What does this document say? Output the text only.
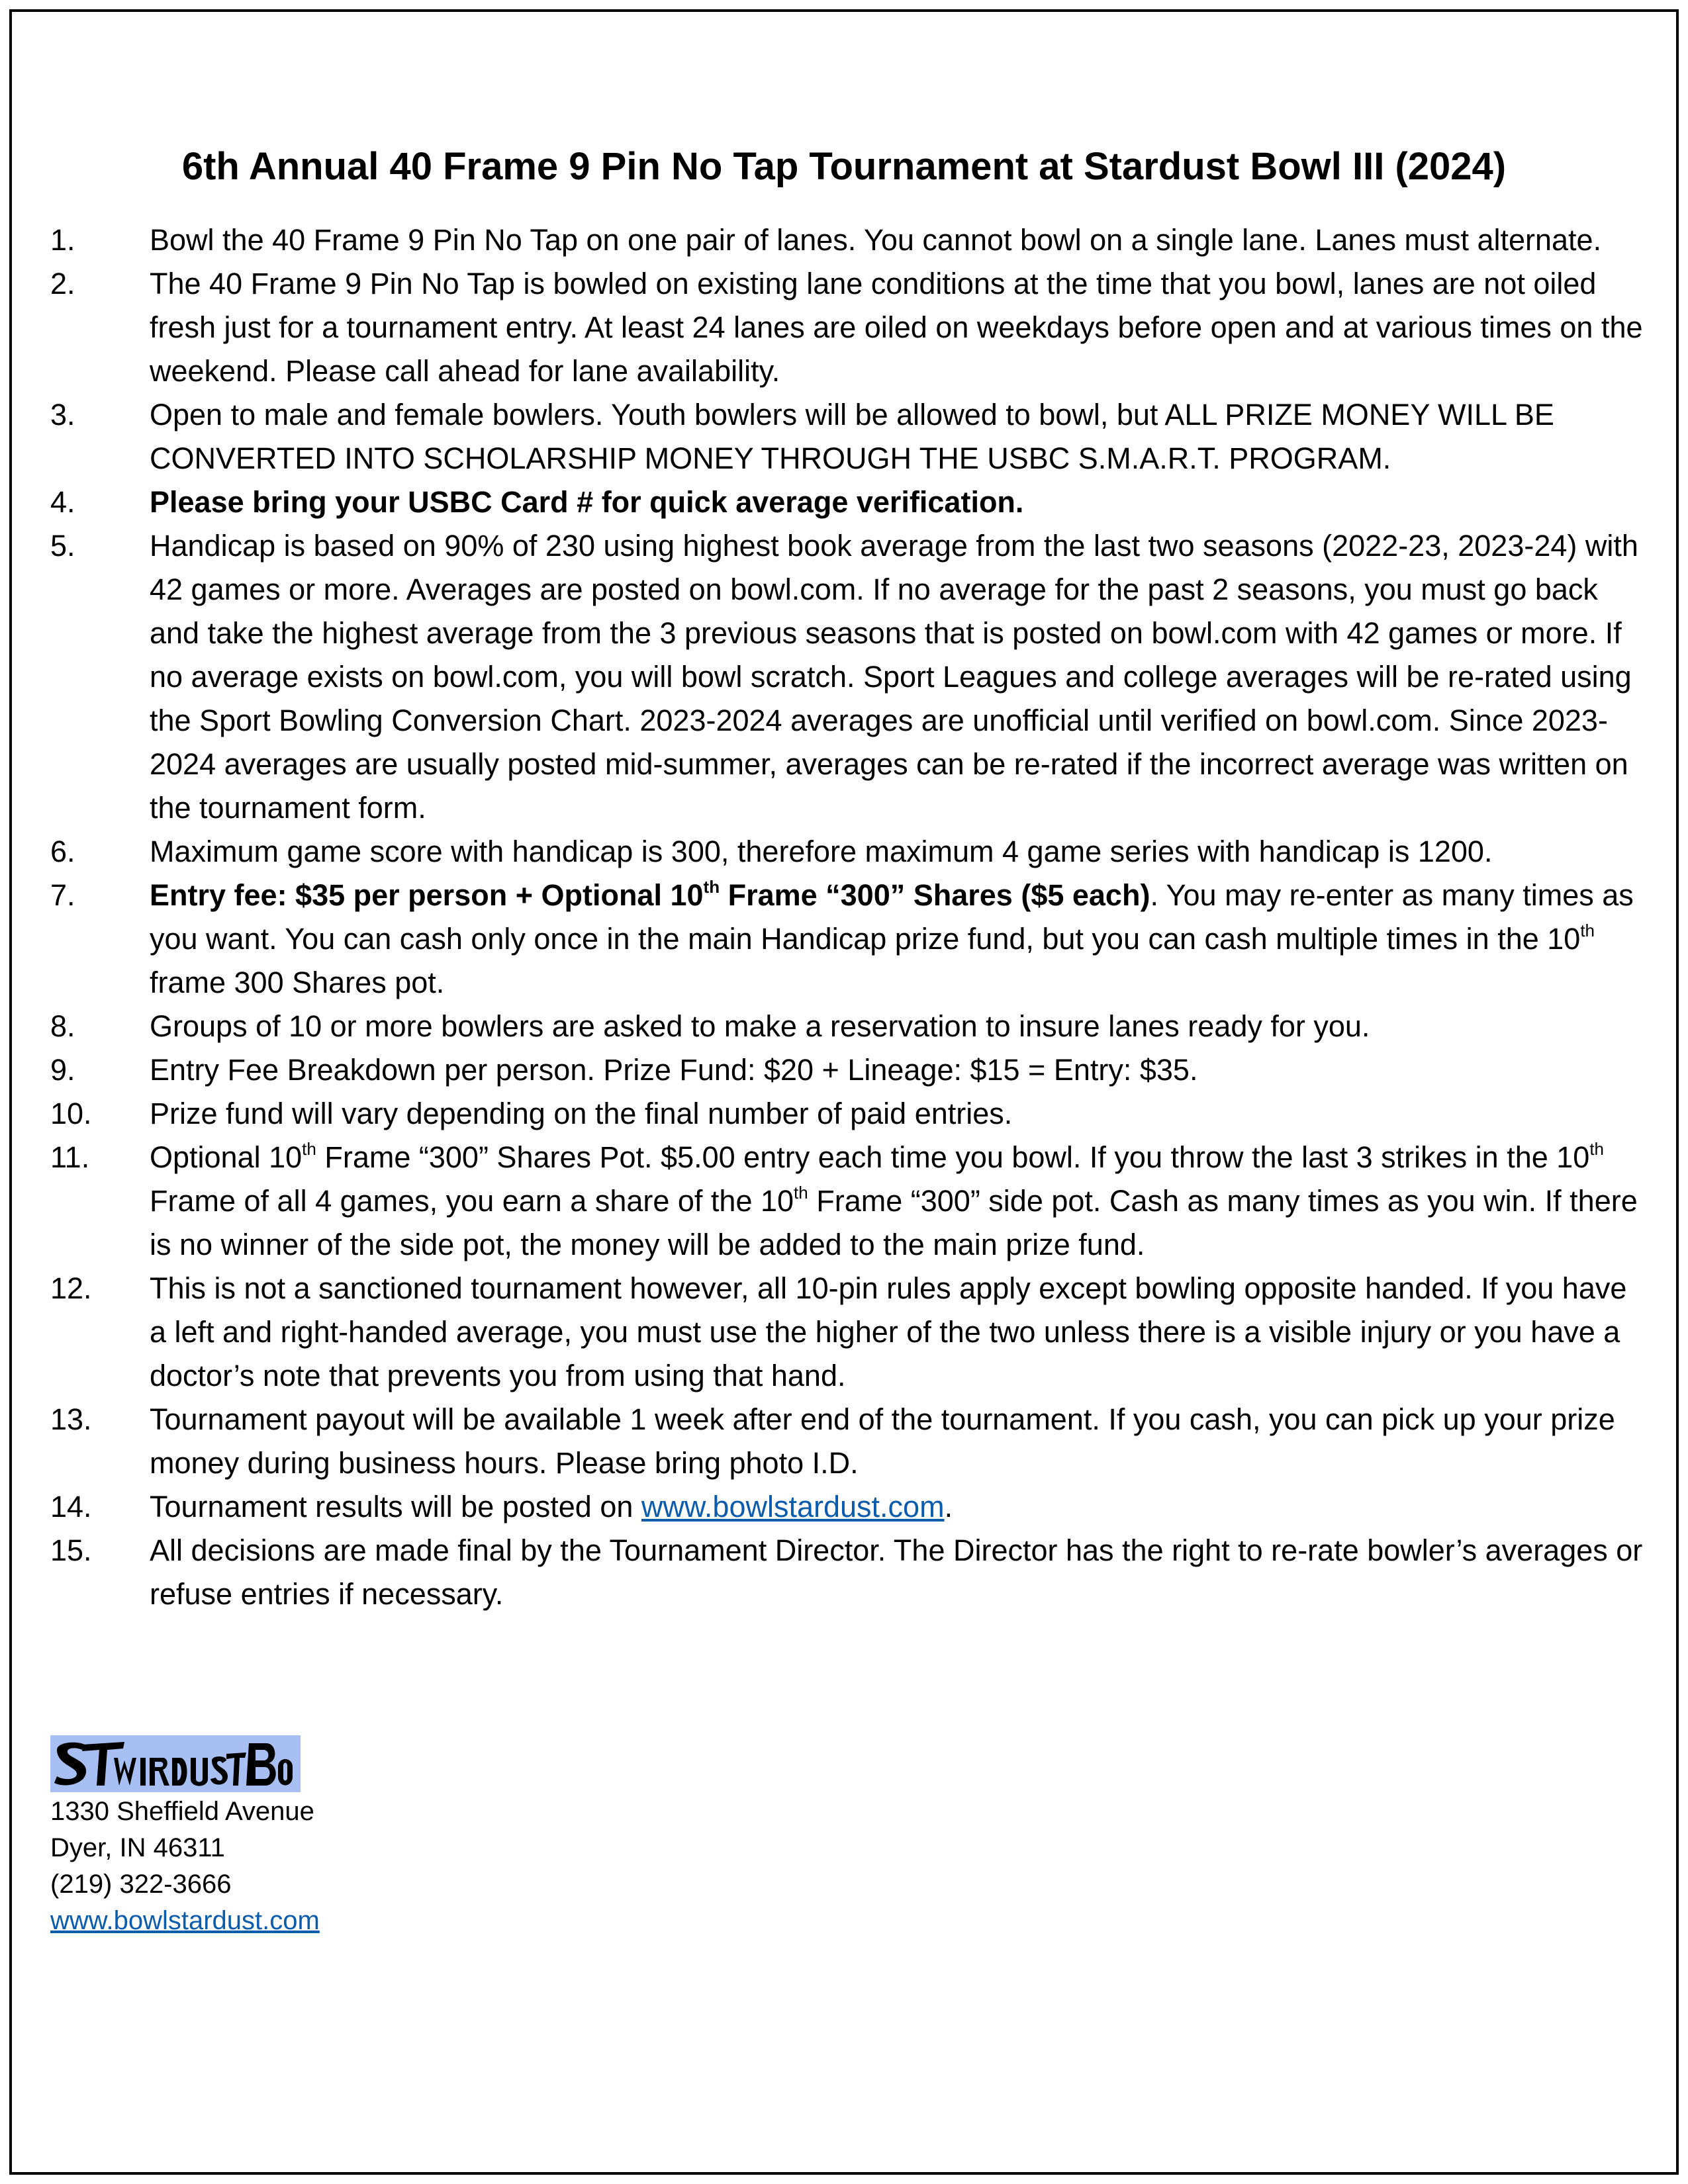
6th Annual 40 Frame 9 Pin No Tap Tournament at Stardust Bowl III (2024)
1.	Bowl the 40 Frame 9 Pin No Tap on one pair of lanes. You cannot bowl on a single lane. Lanes must alternate.
2.	The 40 Frame 9 Pin No Tap is bowled on existing lane conditions at the time that you bowl, lanes are not oiled fresh just for a tournament entry. At least 24 lanes are oiled on weekdays before open and at various times on the weekend. Please call ahead for lane availability.
3.	Open to male and female bowlers. Youth bowlers will be allowed to bowl, but ALL PRIZE MONEY WILL BE CONVERTED INTO SCHOLARSHIP MONEY THROUGH THE USBC S.M.A.R.T. PROGRAM.
4.	Please bring your USBC Card # for quick average verification.
5.	Handicap is based on 90% of 230 using highest book average from the last two seasons (2022-23, 2023-24) with 42 games or more. Averages are posted on bowl.com. If no average for the past 2 seasons, you must go back and take the highest average from the 3 previous seasons that is posted on bowl.com with 42 games or more. If no average exists on bowl.com, you will bowl scratch. Sport Leagues and college averages will be re-rated using the Sport Bowling Conversion Chart. 2023-2024 averages are unofficial until verified on bowl.com. Since 2023-2024 averages are usually posted mid-summer, averages can be re-rated if the incorrect average was written on the tournament form.
6.	Maximum game score with handicap is 300, therefore maximum 4 game series with handicap is 1200.
7.	Entry fee: $35 per person + Optional 10th Frame “300” Shares ($5 each). You may re-enter as many times as you want. You can cash only once in the main Handicap prize fund, but you can cash multiple times in the 10th frame 300 Shares pot.
8.	Groups of 10 or more bowlers are asked to make a reservation to insure lanes ready for you.
9.	Entry Fee Breakdown per person. Prize Fund: $20 + Lineage: $15 = Entry: $35.
10.	Prize fund will vary depending on the final number of paid entries.
11.	Optional 10th Frame “300” Shares Pot. $5.00 entry each time you bowl. If you throw the last 3 strikes in the 10th Frame of all 4 games, you earn a share of the 10th Frame “300” side pot. Cash as many times as you win. If there is no winner of the side pot, the money will be added to the main prize fund.
12.	This is not a sanctioned tournament however, all 10-pin rules apply except bowling opposite handed. If you have a left and right-handed average, you must use the higher of the two unless there is a visible injury or you have a doctor’s note that prevents you from using that hand.
13.	Tournament payout will be available 1 week after end of the tournament. If you cash, you can pick up your prize money during business hours. Please bring photo I.D.
14.	Tournament results will be posted on www.bowlstardust.com.
15.	All decisions are made final by the Tournament Director. The Director has the right to re-rate bowler’s averages or refuse entries if necessary.
1330 Sheffield Avenue
Dyer, IN 46311
(219) 322-3666
www.bowlstardust.com
